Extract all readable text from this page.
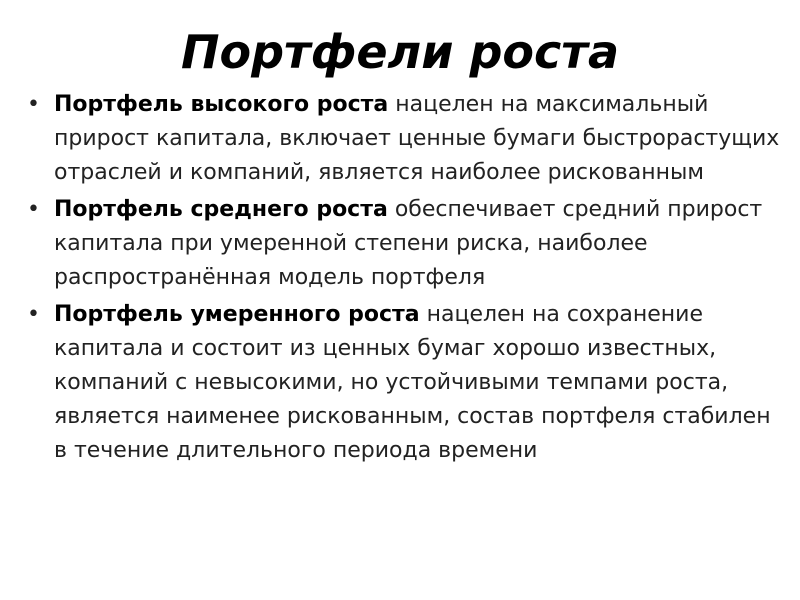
Портфели роста
• Портфель высокого роста нацелен на максимальный прирост капитала, включает ценные бумаги быстрорастущих отраслей и компаний, является наиболее рискованным
• Портфель среднего роста обеспечивает средний прирост капитала при умеренной степени риска, наиболее распространённая модель портфеля
• Портфель умеренного роста нацелен на сохранение капитала и состоит из ценных бумаг хорошо известных, компаний с невысокими, но устойчивыми темпами роста, является наименее рискованным, состав портфеля стабилен в течение длительного периода времени
